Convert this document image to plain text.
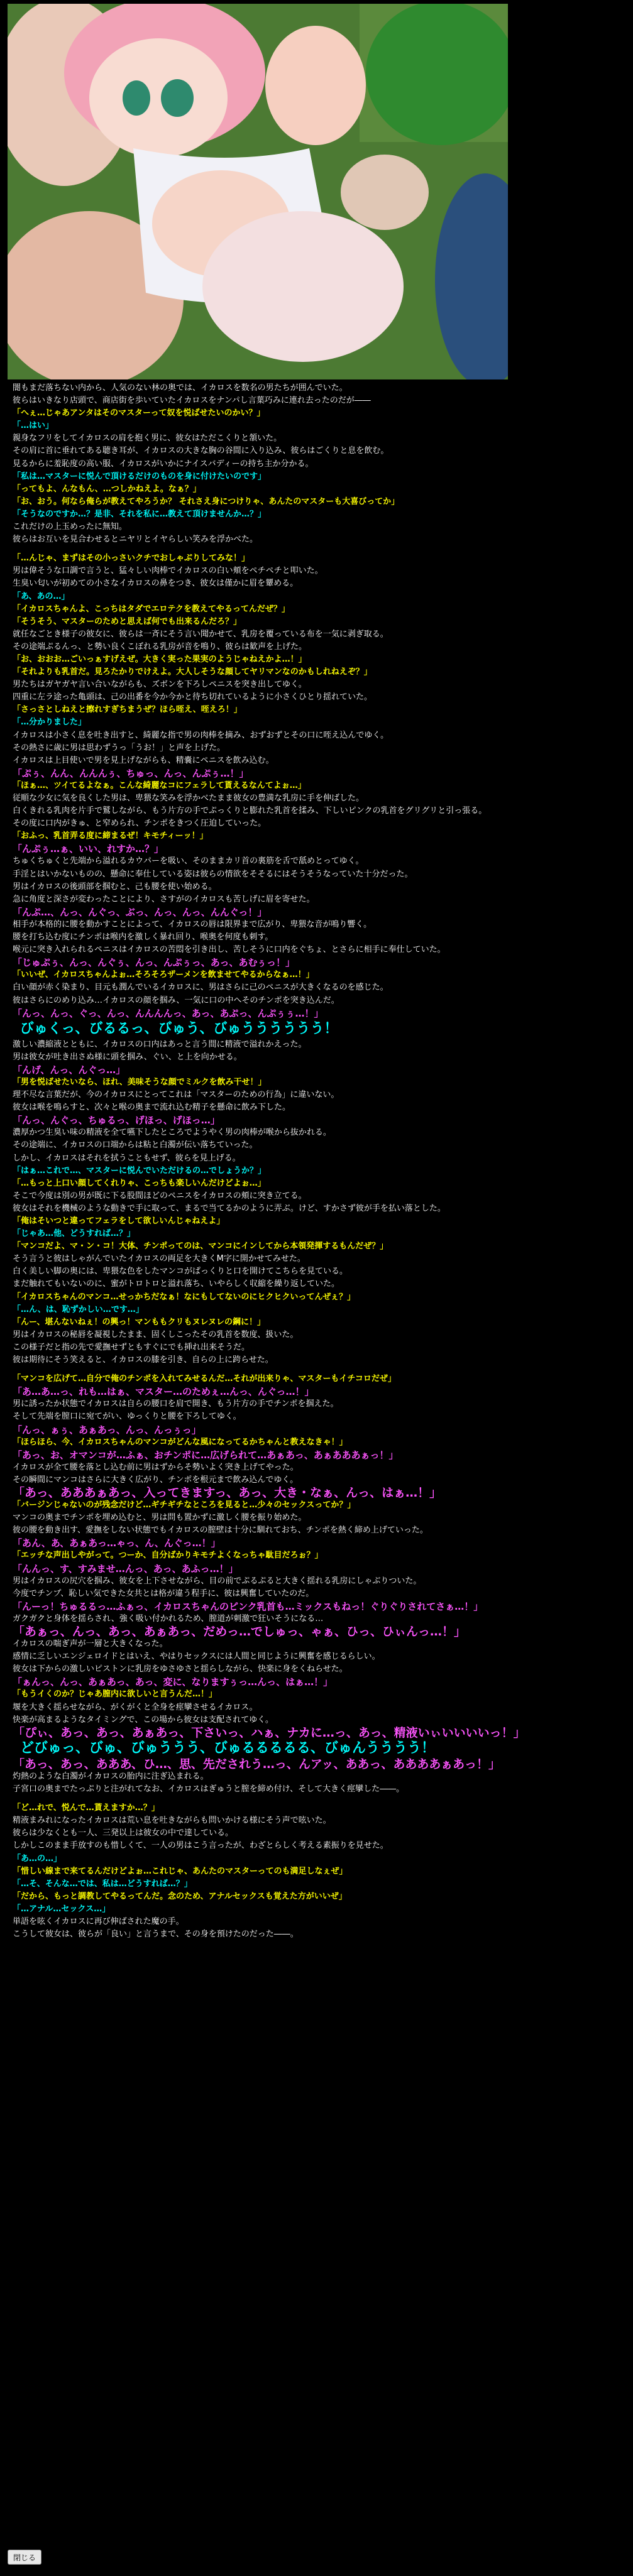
闇もまだ落ちない内から、人気のない林の奥では、イカロスを数名の男たちが囲んでいた。
彼らはいきなり店頭で、商店街を歩いていたイカロスをナンパし言葉巧みに連れ去ったのだが――
「へぇ…じゃあアンタはそのマスターって奴を悦ばせたいのかい？」
「…はい」
親身なフリをしてイカロスの肩を抱く男に、彼女はただこくりと頷いた。
その肩に首に垂れてある聴き耳が、イカロスの大きな胸の谷間に入り込み、彼らはごくりと息を飲む。
見るからに羞恥度の高い服、イカロスがいかにナイスバディーの持ち主か分かる。
「私は…マスターに悦んで頂けるだけのものを身に付けたいのです」
「ってもよ、んなもん、…つしかねえよ。なぁ？」
「お、おう。何なら俺らが教えてやろうか？ それさえ身につけりゃ、あんたのマスターも大喜びってか」
「そうなのですか…？是非、それを私に…教えて頂けませんか…？」
これだけの上玉めったに無知。
彼らはお互いを見合わせるとニヤリとイヤらしい笑みを浮かべた。
「…んじゃ、まずはその小っさいクチでおしゃぶりしてみな！」
男は偉そうな口調で言うと、猛々しい肉棒でイカロスの白い頬をペチペチと叩いた。
生臭い匂いが初めての小さなイカロスの鼻をつき、彼女は僅かに眉を顰める。
「あ、あの…」
「イカロスちゃんよ、こっちはタダでエロテクを教えてやるってんだぜ？」
「そうそう、マスターのためと思えば何でも出来るんだろ？」
就任なごとき様子の彼女に、彼らは一斉にそう言い聞かせて、乳房を覆っている布を一気に剥ぎ取る。
その途端ぷるんっ、と勢い良くこぼれる乳房が音を鳴り、彼らは歓声を上げた。
「お、おおお…ごいっぁすげえぜ。大きく実った果実のようじゃねえかよ…！」
「それよりも乳首だ。見ろたかりでけえよ。大人しそうな顔してヤリマンなのかもしれねえぞ？」
男たちはガヤガヤ言い合いながらも、ズボンを下ろしペニスを突き出してゆく。
四重に左ラ途った亀頭は、己の出番を今か今かと待ち切れているように小さくひとり揺れていた。
「さっさとしねえと擦れすぎちまうぜ？ほら咥え、咥えろ！」
「…分かりました」
イカロスは小さく息を吐き出すと、綺麗な指で男の肉棒を摘み、おずおずとその口に咥え込んでゆく。
その熱さに歳に男は思わずうっ「うお！」と声を上げた。
イカロスは上目使いで男を見上げながらも、精嚢にペニスを飲み込む。
「ぷぅ、んん、んんんぅ、ちゅっ、んっ、んぷぅ…！」
「ほぁ…、ツイてるよなぁ。こんな綺麗なコにフェラして貰えるなんてよぉ…」
従順な少女に気を良くした男は、卑猥な笑みを浮かべたまま彼女の豊満な乳房に手を伸ばした。
白くきれる乳肉を片手で鷲しながら、もう片方の手でぷっくりと膨れた乳首を揉み、下しいピンクの乳首をグリグリと引っ張る。
その度に口内がきゅ、と窄められ、チンポをきつく圧迫していった。
「おふっ、乳首弄る度に締まるぜ！キモチィーッ！」
「んぷぅ…ぁ、いい、れすか…？」
ちゅくちゅくと先端から溢れるカウパーを吸い、そのままカリ首の裏筋を舌で舐めとってゆく。
手淫とはいかないものの、懸命に奉仕している姿は彼らの情欲をそそるにはそうそうなっていた十分だった。
男はイカロスの後頭部を掴むと、己も腰を使い始める。
急に角度と深さが変わったことにより、さすがのイカロスも苦しげに眉を寄せた。
「んぷ…、んっ、んぐっ、ぶっ、んっ、んっ、んんぐっ！」
相手が本格的に腰を動かすことによって、イカロスの唇は限界まで広がり、卑猥な音が鳴り響く。
腰を打ち込む度にチンポは喉内を激しく暴れ回り、喉奥を何度も刺す。
喉元に突き入れられるペニスはイカロスの苦悶を引き出し、苦しそうに口内をぐちょ、とさらに相手に奉仕していた。
「じゅぷぅ、んっ、んぐぅ、んっ、んぷぅっ、あっ、あむぅっ！」
「いいぜ、イカロスちゃんよぉ…そろそろザーメンを飲ませてやるからなぁ…！」
白い顔が赤く染まり、目元も潤んでいるイカロスに、男はさらに己のペニスが大きくなるのを感じた。
彼はさらにのめり込み…イカロスの顔を掴み、一気に口の中へそのチンポを突き込んだ。
「んっ、んっ、ぐっ、んっ、んんんんっ、あっ、あぷっ、んぷぅぅ…！」
びゅくっ、びるるっ、びゅう、びゅうううううう！
激しい濃縮液とともに、イカロスの口内はあっと言う間に精液で溢れかえった。
男は彼女が吐き出さぬ様に頭を掴み、ぐい、と上を向かせる。
「んげ、んっ、んぐっ…」
「男を悦ばせたいなら、ほれ、美味そうな顔でミルクを飲み干せ！」
理不尽な言葉だが、今のイカロスにとってこれは「マスターのための行為」に違いない。
彼女は喉を鳴らすと、次々と喉の奥まで流れ込む精子を懸命に飲み下した。
「んっ、んぐっ、ちゅるっ、げほっ、げほっ…」
濃厚かつ生臭い味の精液を全て嚥下したところでようやく男の肉棒が喉から抜かれる。
その途端に、イカロスの口端からは粘と白濁が伝い落ちていった。
しかし、イカロスはそれを拭うこともせず、彼らを見上げる。
「はぁ…これで…、マスターに悦んでいただけるの…でしょうか？」
「…もっと上口い顔してくれりゃ、こっちも楽しいんだけどよぉ…」
そこで今度は別の男が既に下る股間ほどのペニスをイカロスの頬に突き立てる。
彼女はそれを機械のような動きで手に取って、まるで当てるかのように弄ぶ。けど、すかさず彼が手を払い落とした。
「俺はそいつと違ってフェラをして欲しいんじゃねえよ」
「じゃあ…他、どうすれば…？」
「マンコだよ、マ・ン・コ！大体、チンポってのは、マンコにインしてから本領発揮するもんだぜ？」
そう言うと彼はしゃがんでいたイカロスの両足を大きくM字に開かせてみせた。
白く美しい脚の奥には、卑猥な色をしたマンコがぱっくりと口を開けてこちらを見ている。
まだ触れてもいないのに、蜜がトロトロと溢れ落ち、いやらしく収縮を繰り返していた。
「イカロスちゃんのマンコ…せっかちだなぁ！なにもしてないのにヒクヒクいってんぜぇ？」
「…ん、は、恥ずかしい…です…」
「んー、堪んないねぇ！の興っ！マンももクリもヌレヌレの鋼に！」
男はイカロスの秘唇を凝視したまま、固くしこったその乳首を数度、扱いた。
この様子だと指の先で愛撫せずともすぐにでも挿れ出来そうだ。
彼は期待にそう笑えると、イカロスの膝を引き、自らの上に跨らせた。
「マンコを広げて…自分で俺のチンポを入れてみせるんだ…それが出来りゃ、マスターもイチコロだぜ」
「あ…あ…っ、れも…はぁ、マスター…のためぇ…んっ、んぐっ…！」
男に誘ったか状態でイカロスは自らの腰口を肩で開き、もう片方の手でチンポを掴えた。
そして先端を膣口に宛てがい、ゆっくりと腰を下ろしてゆく。
「んっ、ぁぅ、あぁあっ、んっ、んっぅっ」
「ほらほら、今、イカロスちゃんのマンコがどんな風になってるかちゃんと教えなきゃ！」
「あっ、お、オマンコが…ふぁ、おチンポに…広げられて…あぁあっ、あぁあああぁっ！」
イカロスが全て腰を落とし込む前に男はずからそ勢いよく突き上げてやった。
その瞬間にマンコはさらに大きく広がり、チンポを根元まで飲み込んでゆく。
「あっ、あああぁあっ、入ってきますっ、あっ、大き・なぁ、んっ、はぁ…！」
「バージンじゃないのが残念だけど…ギチギチなところを見ると…少々のセックスってか？」
マンコの奥までチンポを埋め込むと、男は問も置かずに激しく腰を振り始めた。
彼の腰を動き出す、愛撫をしない状態でもイカロスの膣壁は十分に馴れておち、チンポを熱く締め上げていった。
「あん、あ、あぁあっ…ゃっ、ん、んぐっ…！」
「エッチな声出しやがって。つーか、自分ばかりキモチよくなっちゃ駄目だろぉ？」
「んんっ、す、すみませ…んっ、あっ、あふっ…！」
男はイカロスの尻穴を掴み、彼女を上下させながら、目の前でぷるぷると大きく揺れる乳房にしゃぶりついた。
今度でチンプ、恥しい気できた女共とは格が違う程手に、彼は興奮していたのだ。
「んーっ！ちゅるるっ…ふぁっ、イカロスちゃんのピンク乳首も…ミックスもねっ！ぐりぐりされてさぁ…！」
ガクガクと身体を揺らされ、強く吸い付かれるため、膣道が刺激で狂いそうになる…
「あぁっ、んっ、あっ、あぁあっ、だめっ…でしゅっ、ゃぁ、ひっ、ひぃんっ…！」
イカロスの喘ぎ声が一層と大きくなった。
感情に乏しいエンジェロイドとはいえ、やはりセックスには人間と同じように興奮を感じるらしい。
彼女は下からの激しいピストンに乳房をゆさゆさと揺らしながら、快楽に身をくねらせた。
「ぁんっ、んっ、あぁあっ、あっ、変に、なりますぅっ…んっ、はぁ…！」
「もうイくのか？じゃあ膣内に欲しいと言うんだ…！」
堰を大きく揺らせながら、がくがくと全身を痙攣させるイカロス。
快楽が高まるようなタイミングで、この場から彼女は支配されてゆく。
「ぴぃ、あっ、あっ、あぁあっ、下さいっ、ハぁ、ナカに…っ、あっ、精液いぃいいいいっ！」
どびゅっ、びゅ、びゅううう、びゅるるるるる、びゅんうううう！
「あっ、あっ、あああ、ひ…、思、先だされう…っ、んアッ、ああっ、ああああぁあっ！」
灼熱のような白濁がイカロスの胎内に注ぎ込まれる。
子宮口の奥までたっぷりと注がれてなお、イカロスはぎゅうと膣を締め付け、そして大きく痙攣した――。
「ど…れで、悦んで…貰えますか…？」
精液まみれになったイカロスは荒い息を吐きながらも問いかける様にそう声で呟いた。
彼らは少なくとも一人、三発以上は彼女の中で達している。
しかしこのまま手放すのも惜しくて、一人の男はこう言ったが、わざとらしく考える素振りを見せた。
「あ…の…」
「惜しい線まで来てるんだけどよぉ…これじゃ、あんたのマスターってのも満足しなぇぜ」
「…そ、そんな…では、私は…どうすれば…？」
「だから、もっと調教してやるってんだ。念のため、アナルセックスも覚えた方がいいぜ」
「…アナル…セックス…」
単語を呟くイカロスに再び伸ばされた魔の手。
こうして彼女は、彼らが「良い」と言うまで、その身を預けたのだった――。
閉じる
